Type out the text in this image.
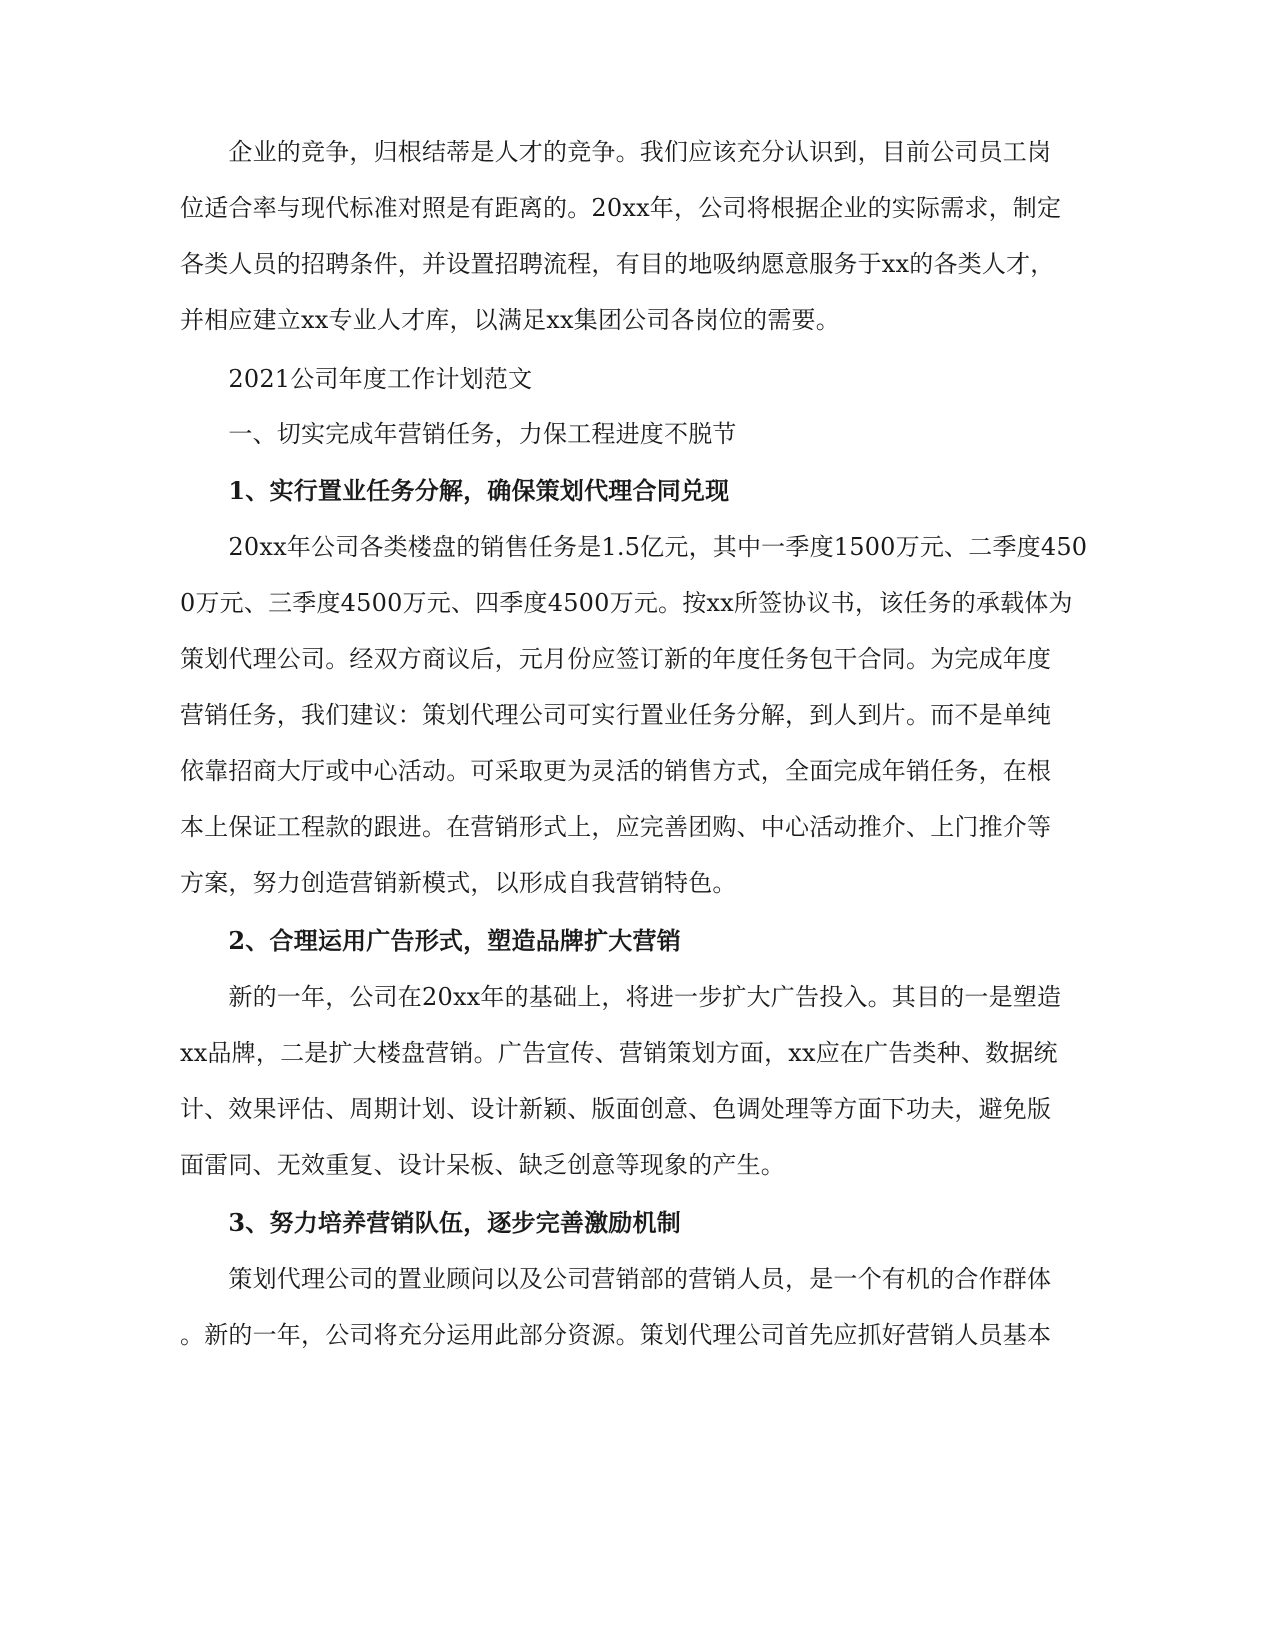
　　企业的竞争，归根结蒂是人才的竞争。我们应该充分认识到，目前公司员工岗
位适合率与现代标准对照是有距离的。20xx年，公司将根据企业的实际需求，制定
各类人员的招聘条件，并设置招聘流程，有目的地吸纳愿意服务于xx的各类人才，
并相应建立xx专业人才库，以满足xx集团公司各岗位的需要。
　　2021公司年度工作计划范文
　　一、切实完成年营销任务，力保工程进度不脱节
　　1、实行置业任务分解，确保策划代理合同兑现
　　20xx年公司各类楼盘的销售任务是1.5亿元，其中一季度1500万元、二季度450
0万元、三季度4500万元、四季度4500万元。按xx所签协议书，该任务的承载体为
策划代理公司。经双方商议后，元月份应签订新的年度任务包干合同。为完成年度
营销任务，我们建议：策划代理公司可实行置业任务分解，到人到片。而不是单纯
依靠招商大厅或中心活动。可采取更为灵活的销售方式，全面完成年销任务，在根
本上保证工程款的跟进。在营销形式上，应完善团购、中心活动推介、上门推介等
方案，努力创造营销新模式，以形成自我营销特色。
　　2、合理运用广告形式，塑造品牌扩大营销
　　新的一年，公司在20xx年的基础上，将进一步扩大广告投入。其目的一是塑造
xx品牌，二是扩大楼盘营销。广告宣传、营销策划方面，xx应在广告类种、数据统
计、效果评估、周期计划、设计新颖、版面创意、色调处理等方面下功夫，避免版
面雷同、无效重复、设计呆板、缺乏创意等现象的产生。
　　3、努力培养营销队伍，逐步完善激励机制
　　策划代理公司的置业顾问以及公司营销部的营销人员，是一个有机的合作群体
。新的一年，公司将充分运用此部分资源。策划代理公司首先应抓好营销人员基本
